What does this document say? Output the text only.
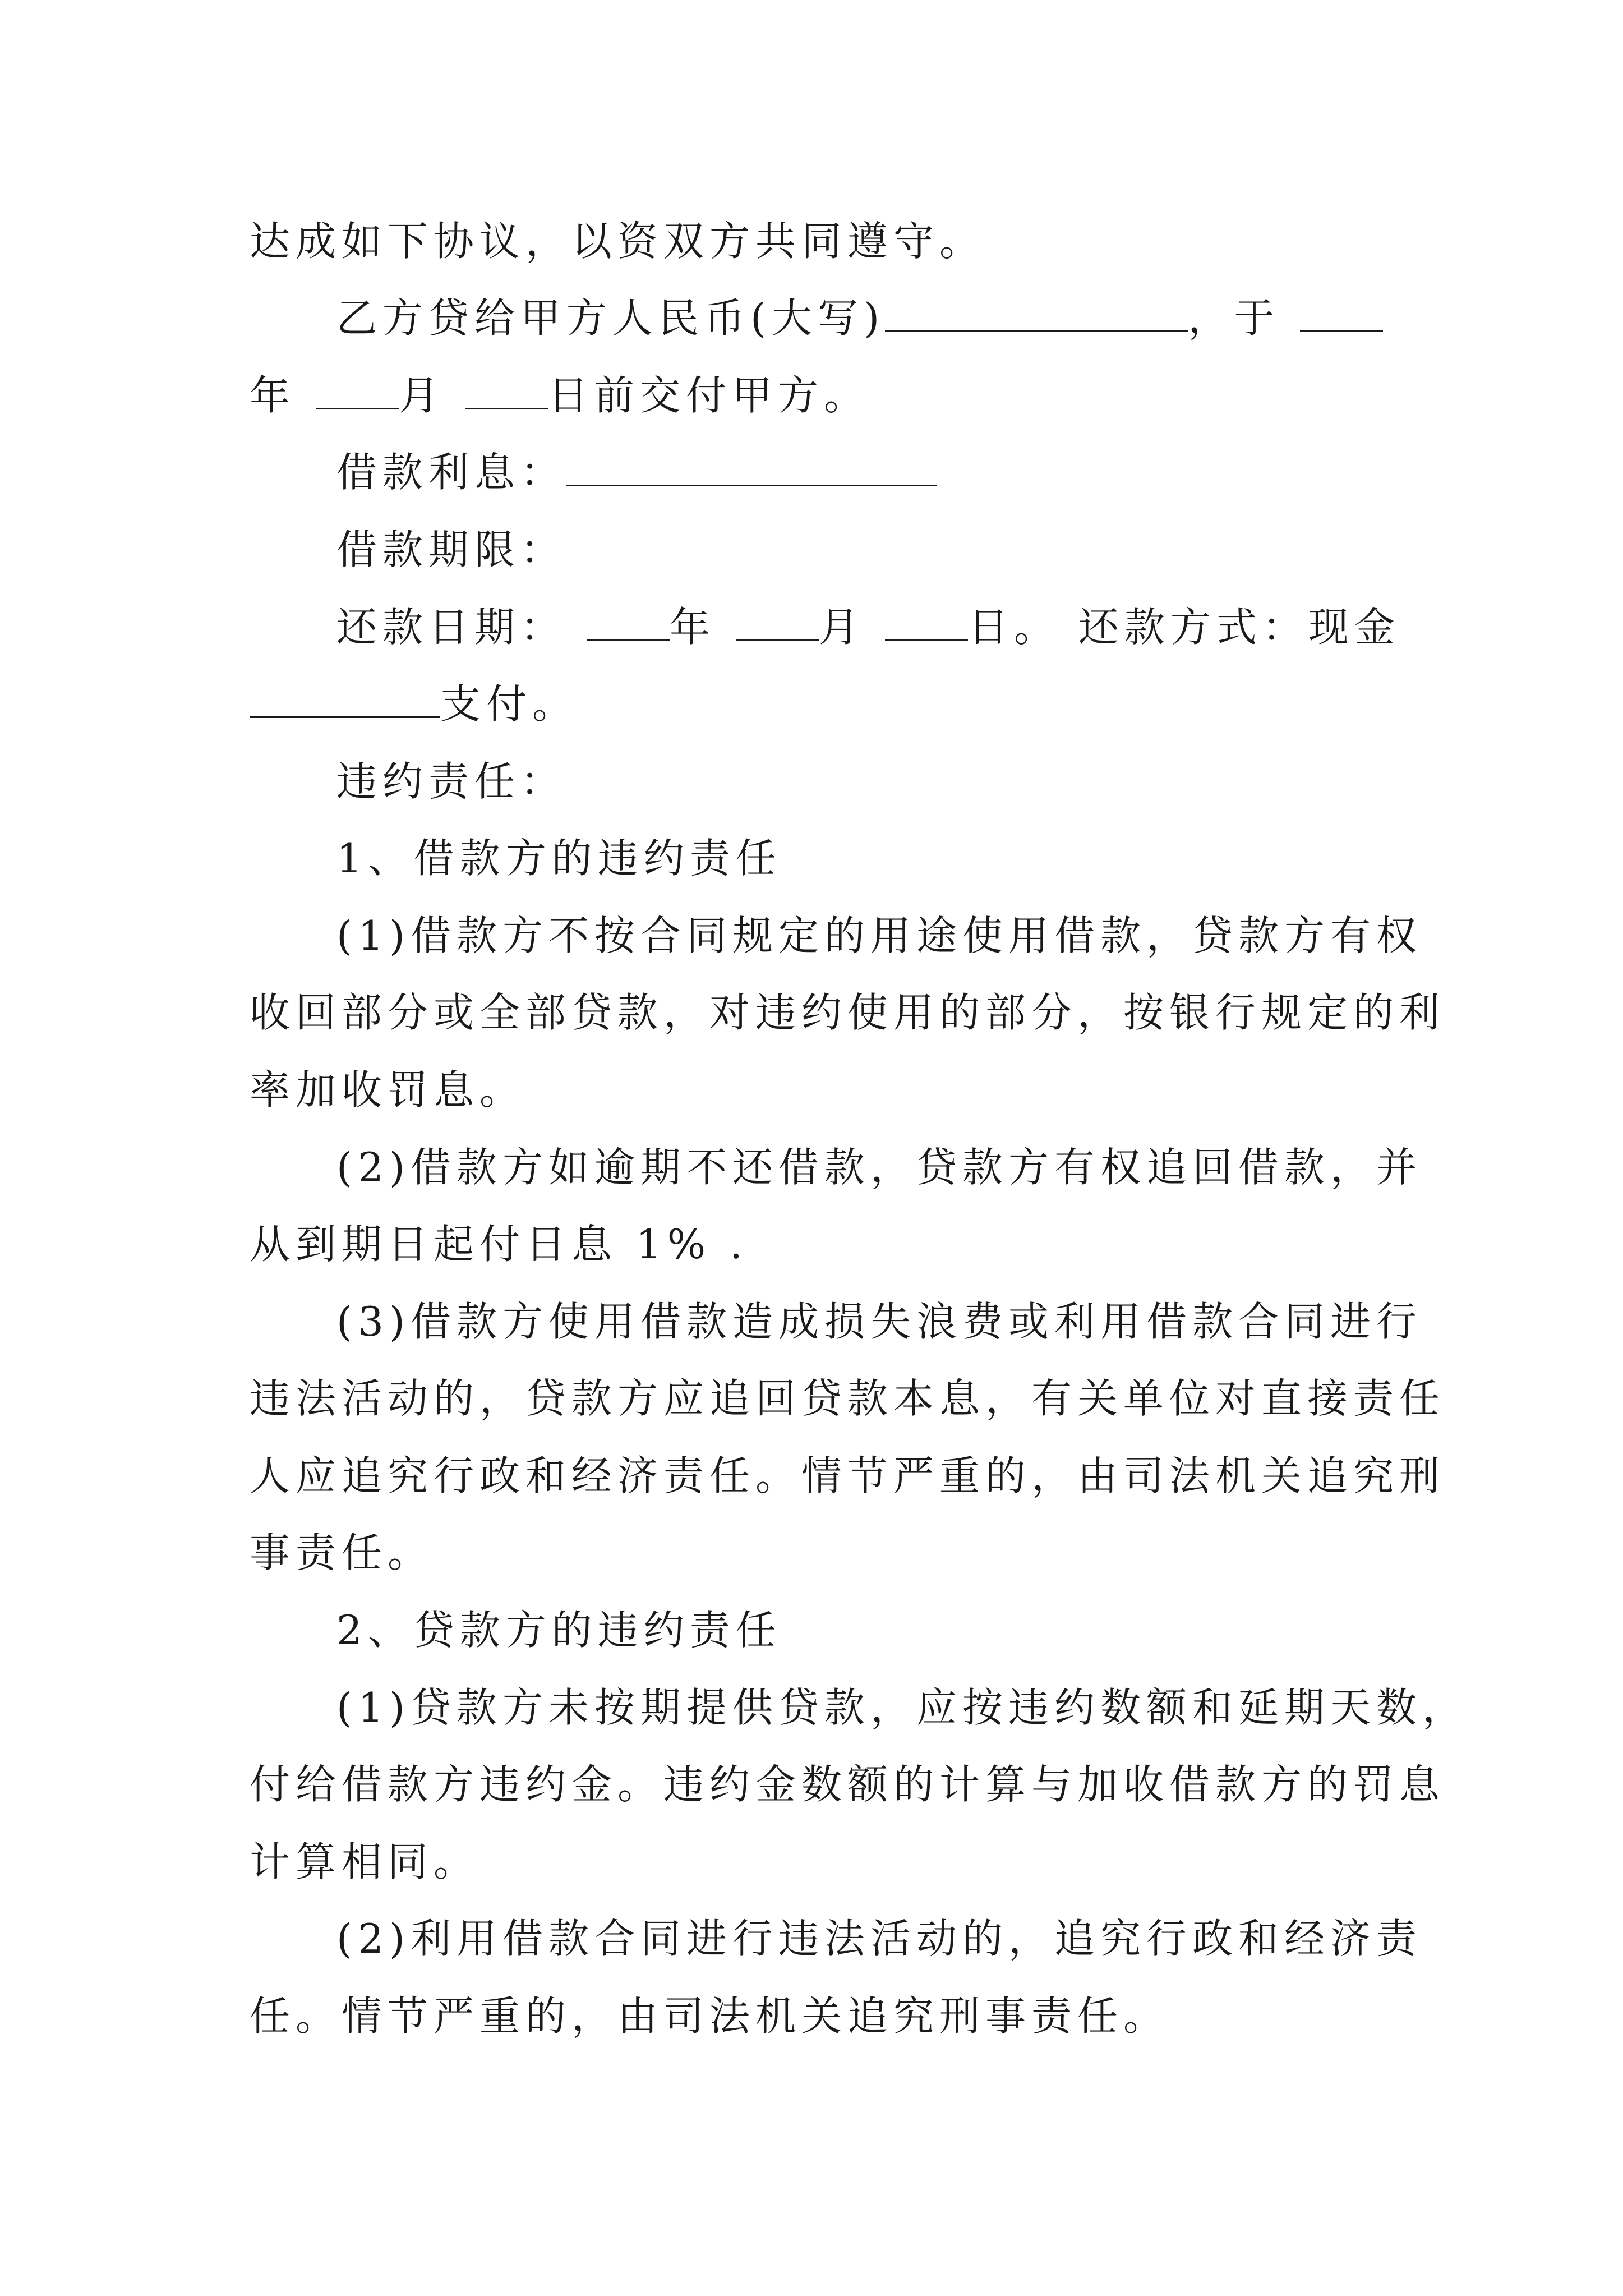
达成如下协议，以资双方共同遵守。
乙方贷给甲方人民币(大写)	，于
年	月	日前交付甲方。
借款利息：
借款期限：
还款日期：	年	月	日。 还款方式：现金
支付。
违约责任：
1、借款方的违约责任
(1)借款方不按合同规定的用途使用借款，贷款方有权
收回部分或全部贷款，对违约使用的部分，按银行规定的利
率加收罚息。
(2)借款方如逾期不还借款，贷款方有权追回借款，并
从到期日起付日息 1% .
(3)借款方使用借款造成损失浪费或利用借款合同进行
违法活动的，贷款方应追回贷款本息，有关单位对直接责任
人应追究行政和经济责任。情节严重的，由司法机关追究刑
事责任。
2、贷款方的违约责任
(1)贷款方未按期提供贷款，应按违约数额和延期天数，
付给借款方违约金。违约金数额的计算与加收借款方的罚息
计算相同。
(2)利用借款合同进行违法活动的，追究行政和经济责
任。情节严重的，由司法机关追究刑事责任。
